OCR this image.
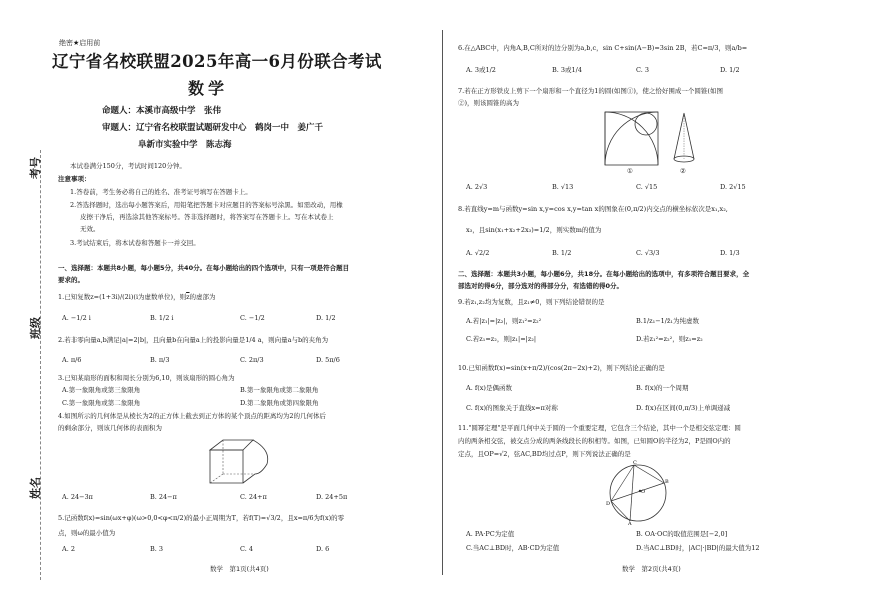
考号
班级
姓名
绝密★启用前
辽宁省名校联盟2025年高一6月份联合考试
数学
命题人：本溪市高级中学　张伟
审题人：辽宁省名校联盟试题研发中心　鹤岗一中　姜广千
阜新市实验中学　陈志海
本试卷满分150分，考试时间120分钟。
注意事项：
1.答卷前，考生务必将自己的姓名、准考证号填写在答题卡上。
2.答选择题时，选出每小题答案后，用铅笔把答题卡对应题目的答案标号涂黑。如需改动，用橡
皮擦干净后，再选涂其他答案标号。答非选择题时，将答案写在答题卡上。写在本试卷上
无效。
3.考试结束后，将本试卷和答题卡一并交回。
一、选择题：本题共8小题，每小题5分，共40分。在每小题给出的四个选项中，只有一项是符合题目
要求的。
1.已知复数z=(1+3i)/(2i)(i为虚数单位)，则$\overline{z}$的虚部为
A. −1/2 i	B. 1/2 i	C. −1/2	D. 1/2
2.若非零向量a,b满足|a|=2|b|，且向量b在向量a上的投影向量是1/4 a，则向量a与b的夹角为
A. π/6	B. π/3	C. 2π/3	D. 5π/6
3.已知某扇形的面积和周长分别为6,10，则该扇形的圆心角为
A.第一象限角或第三象限角	B.第一象限角或第二象限角
C.第一象限角或第二象限角	D.第二象限角或第四象限角
4.如图所示的几何体是从棱长为2的正方体上截去到正方体的某个顶点的距离均为2的几何体后
的剩余部分，则该几何体的表面积为
A. 24−3π	B. 24−π	C. 24+π	D. 24+5π
5.记函数f(x)=sin(ωx+φ)(ω>0,0<φ<π/2)的最小正周期为T，若f(T)=√3/2，且x=π/6为f(x)的零
点，则ω的最小值为
A. 2	B. 3	C. 4	D. 6
数学　第1页(共4页)
6.在△ABC中，内角A,B,C所对的边分别为a,b,c，sin C+sin(A−B)=3sin 2B，若C=π/3，则a/b=
A. 3或1/2	B. 3或1/4	C. 3	D. 1/2
7.若在正方形铁皮上剪下一个扇形和一个直径为1的圆(如图①)，使之恰好围成一个圆锥(如图
②)，则该圆锥的高为
①	②
A. 2√3	B. √13	C. √15	D. 2√15
8.若直线y=m与函数y=sin x,y=cos x,y=tan x的图象在(0,π/2)内交点的横坐标依次是x₁,x₂,
x₃，且sin(x₁+x₂+2x₃)=1/2，则实数m的值为
A. √2/2	B. 1/2	C. √3/3	D. 1/3
二、选择题：本题共3小题，每小题6分，共18分。在每小题给出的选项中，有多项符合题目要求，全
部选对的得6分，部分选对的得部分分，有选错的得0分。
9.若z₁,z₂均为复数，且z₁≠0，则下列结论错误的是
A.若|z₁|=|z₂|，则z₁²=z₂²	B.1/z₁−1/z̄₁为纯虚数
C.若z₁=z₂，则|z₁|=|z₂|	D.若z₁²=z₂²，则z₁=z₂
10.已知函数f(x)=sin(x+π/2)/(cos(2π−2x)+2)，则下列结论正确的是
A. f(x)是偶函数	B. f(x)的一个周期
C. f(x)的图象关于直线x=π对称	D. f(x)在区间(0,π/3)上单调递减
11."圆幂定理"是平面几何中关于圆的一个重要定理，它包含三个结论，其中一个是相交弦定理：圆
内的两条相交弦，被交点分成的两条线段长的积相等。如图，已知圆O的半径为2，P是圆O内的
定点，且OP=√2，弦AC,BD均过点P，则下列说法正确的是
C
O
D
A
B
A. PA·PC为定值	B. OA·OC的取值范围是[−2,0]
C.当AC⊥BD时，AB·CD为定值	D.当AC⊥BD时，|AC|·|BD|的最大值为12
数学　第2页(共4页)
